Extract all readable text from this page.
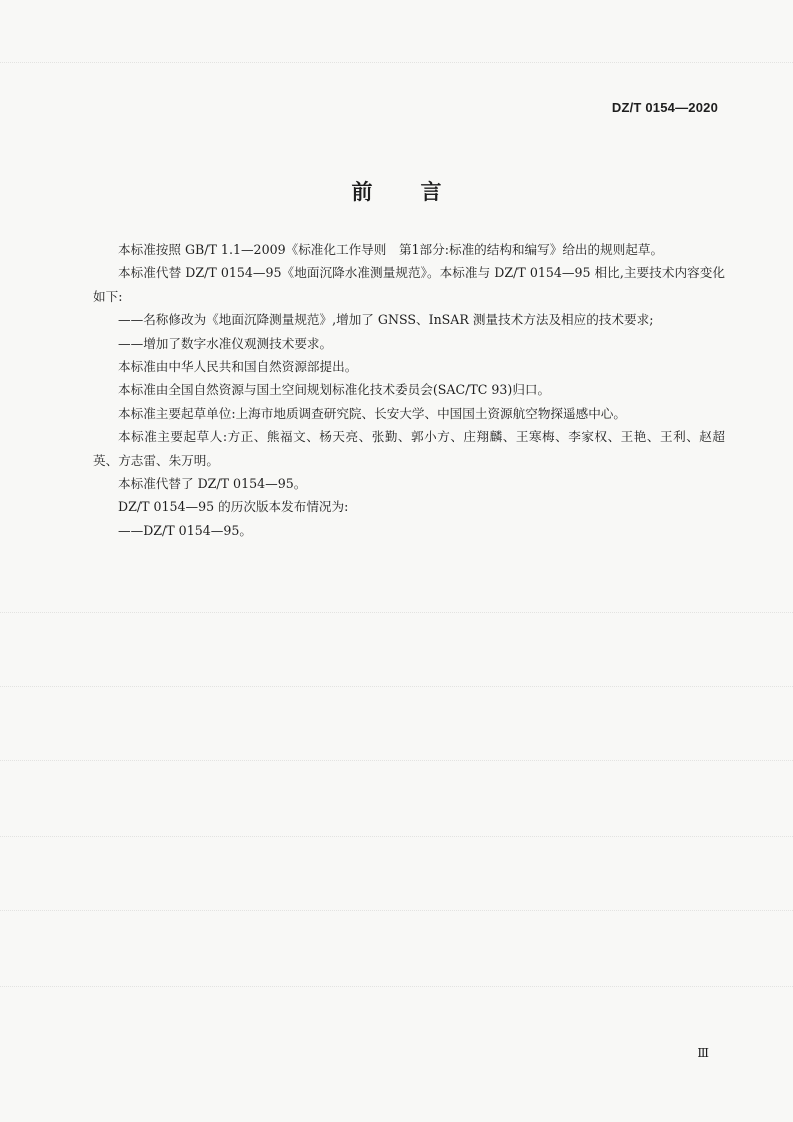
DZ/T 0154—2020
前言

本标准按照 GB/T 1.1—2009《标准化工作导则　第1部分:标准的结构和编写》给出的规则起草。

本标准代替 DZ/T 0154—95《地面沉降水准测量规范》。本标准与 DZ/T 0154—95 相比,主要技术内容变化如下:

——名称修改为《地面沉降测量规范》,增加了 GNSS、InSAR 测量技术方法及相应的技术要求;

——增加了数字水准仪观测技术要求。

本标准由中华人民共和国自然资源部提出。

本标准由全国自然资源与国土空间规划标准化技术委员会(SAC/TC 93)归口。

本标准主要起草单位:上海市地质调查研究院、长安大学、中国国土资源航空物探遥感中心。

本标准主要起草人:方正、熊福文、杨天亮、张勤、郭小方、庄翔麟、王寒梅、李家权、王艳、王利、赵超英、方志雷、朱万明。

本标准代替了 DZ/T 0154—95。

DZ/T 0154—95 的历次版本发布情况为:

——DZ/T 0154—95。

Ⅲ
